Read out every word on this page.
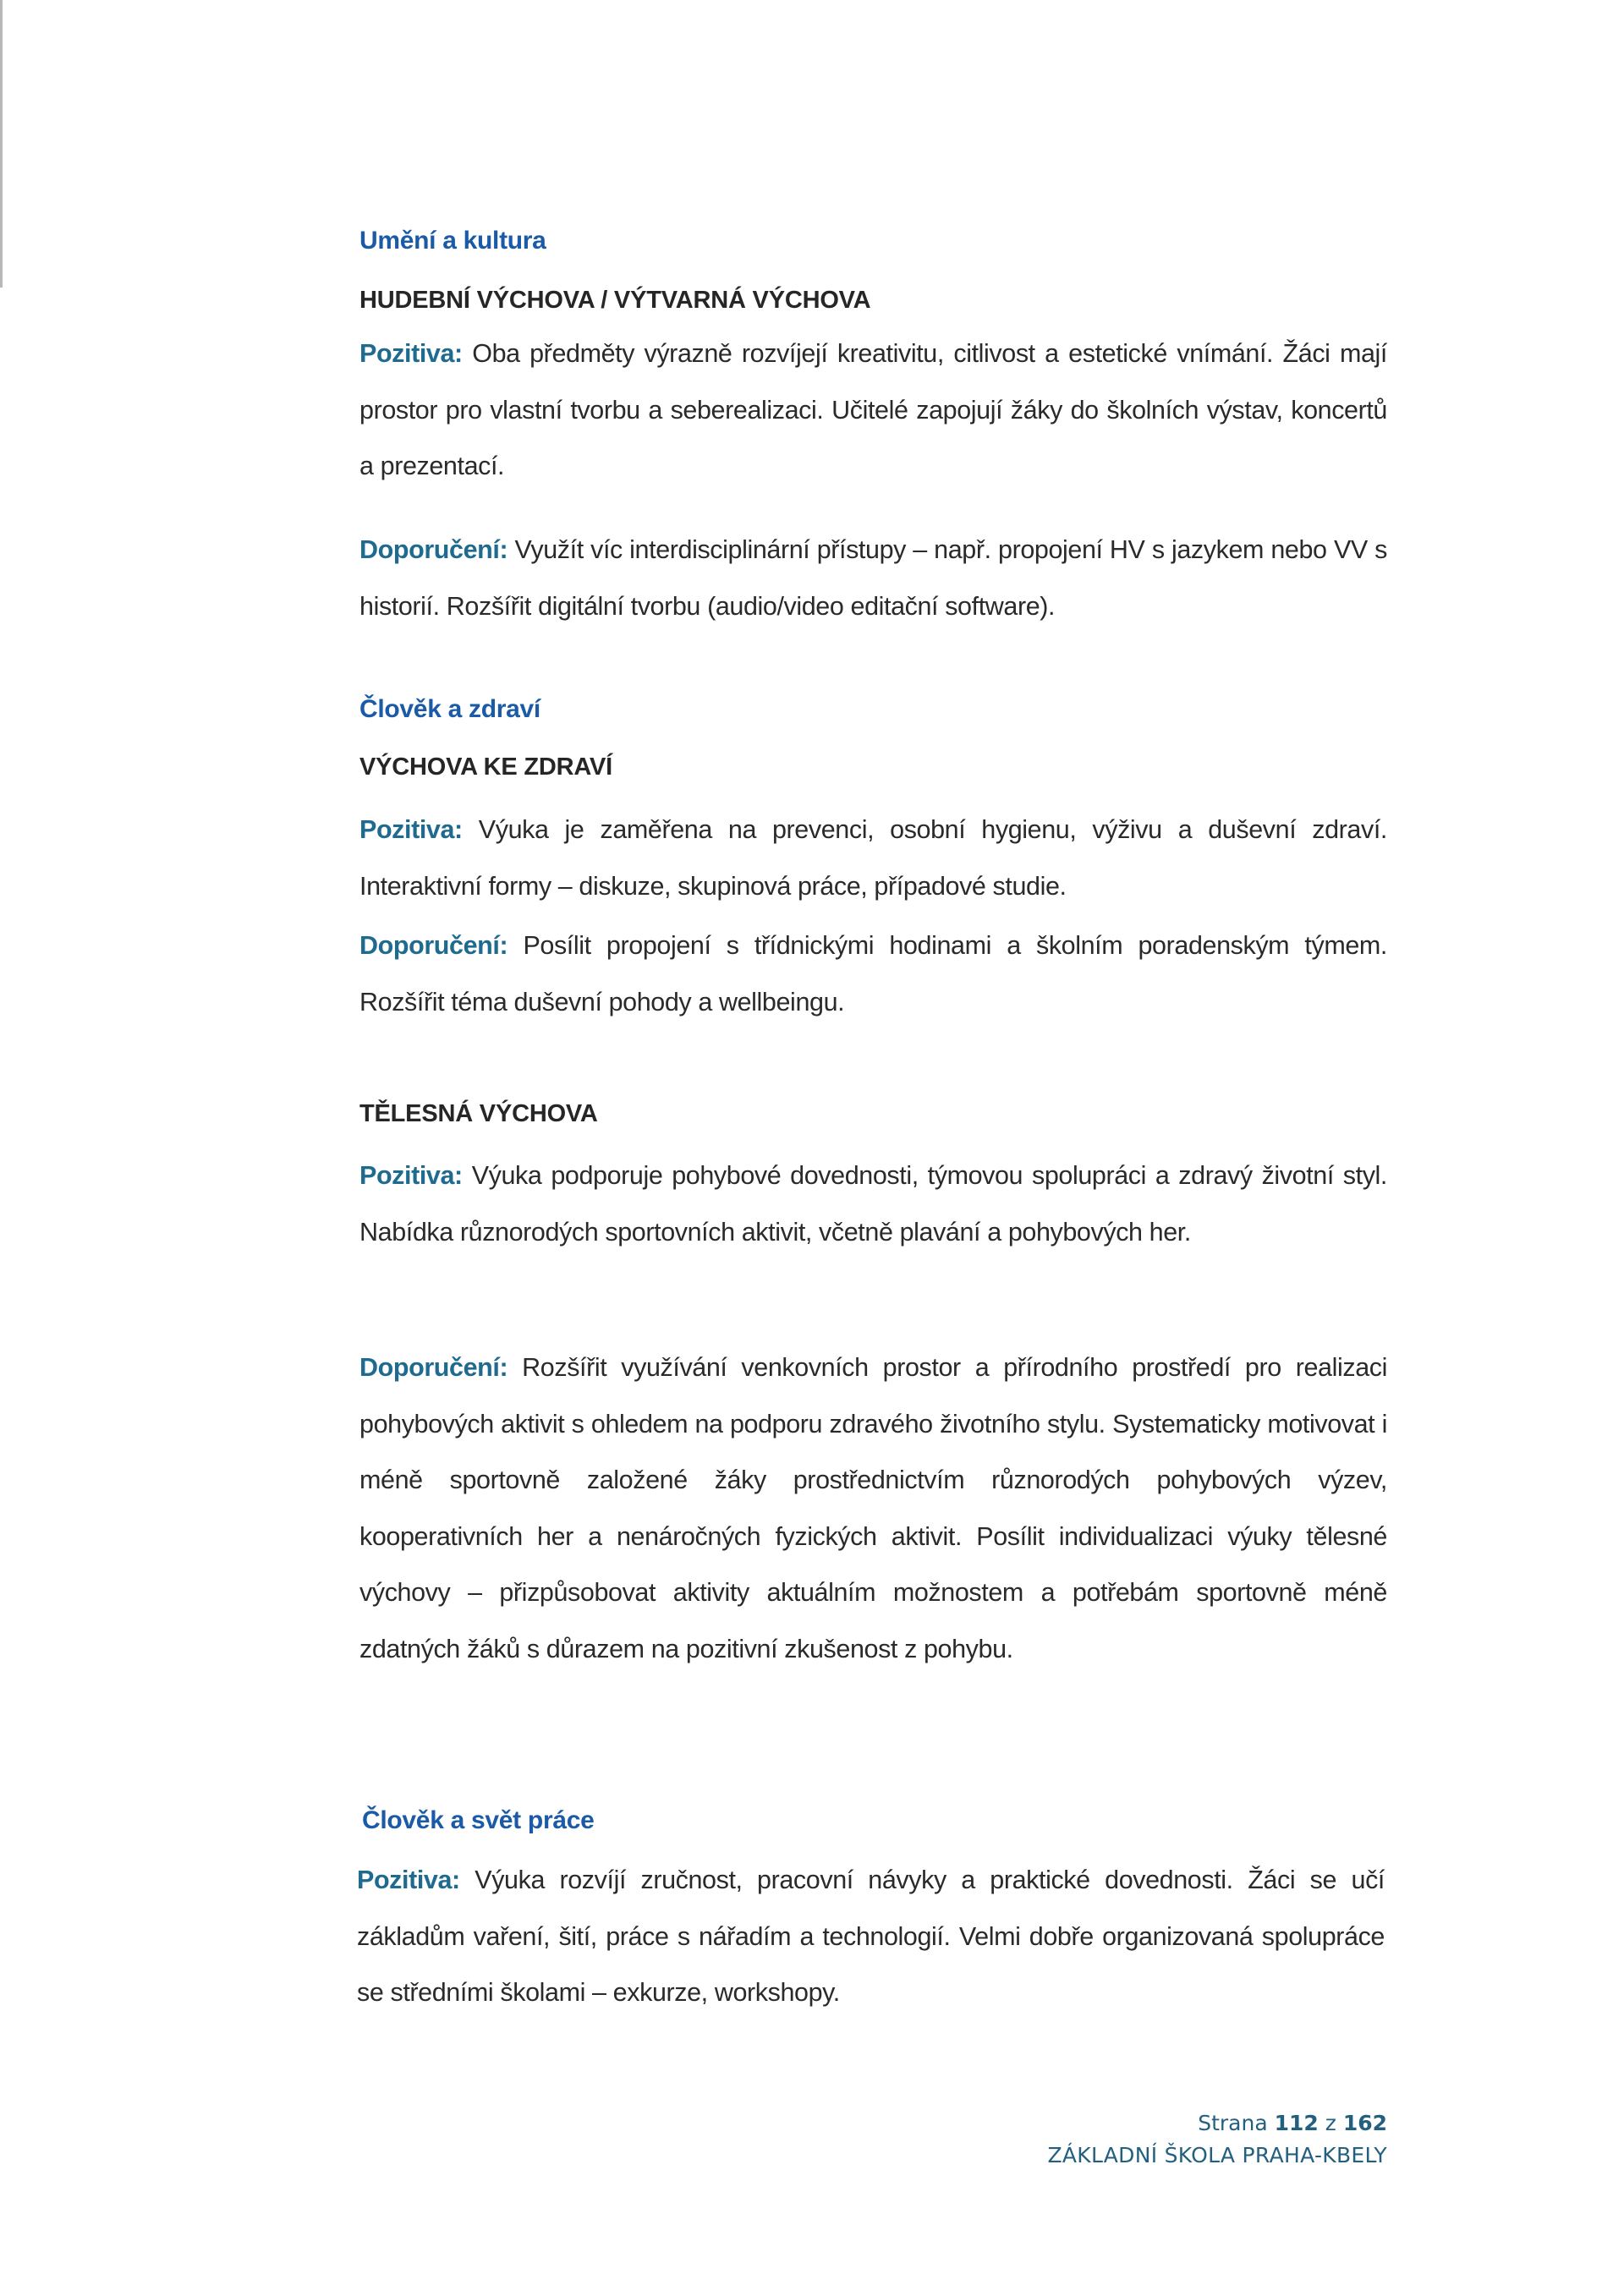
Umění a kultura
HUDEBNÍ VÝCHOVA / VÝTVARNÁ VÝCHOVA
Pozitiva: Oba předměty výrazně rozvíjejí kreativitu, citlivost a estetické vnímání. Žáci mají prostor pro vlastní tvorbu a seberealizaci. Učitelé zapojují žáky do školních výstav, koncertů a prezentací.
Doporučení: Využít víc interdisciplinární přístupy – např. propojení HV s jazykem nebo VV s historií. Rozšířit digitální tvorbu (audio/video editační software).
Člověk a zdraví
VÝCHOVA KE ZDRAVÍ
Pozitiva: Výuka je zaměřena na prevenci, osobní hygienu, výživu a duševní zdraví. Interaktivní formy – diskuze, skupinová práce, případové studie.
Doporučení: Posílit propojení s třídnickými hodinami a školním poradenským týmem. Rozšířit téma duševní pohody a wellbeingu.
TĚLESNÁ VÝCHOVA
Pozitiva: Výuka podporuje pohybové dovednosti, týmovou spolupráci a zdravý životní styl. Nabídka různorodých sportovních aktivit, včetně plavání a pohybových her.
Doporučení: Rozšířit využívání venkovních prostor a přírodního prostředí pro realizaci pohybových aktivit s ohledem na podporu zdravého životního stylu. Systematicky motivovat i méně sportovně založené žáky prostřednictvím různorodých pohybových výzev, kooperativních her a nenáročných fyzických aktivit. Posílit individualizaci výuky tělesné výchovy – přizpůsobovat aktivity aktuálním možnostem a potřebám sportovně méně zdatných žáků s důrazem na pozitivní zkušenost z pohybu.
Člověk a svět práce
Pozitiva: Výuka rozvíjí zručnost, pracovní návyky a praktické dovednosti. Žáci se učí základům vaření, šití, práce s nářadím a technologií. Velmi dobře organizovaná spolupráce se středními školami – exkurze, workshopy.
Strana 112 z 162
ZÁKLADNÍ ŠKOLA PRAHA-KBELY
